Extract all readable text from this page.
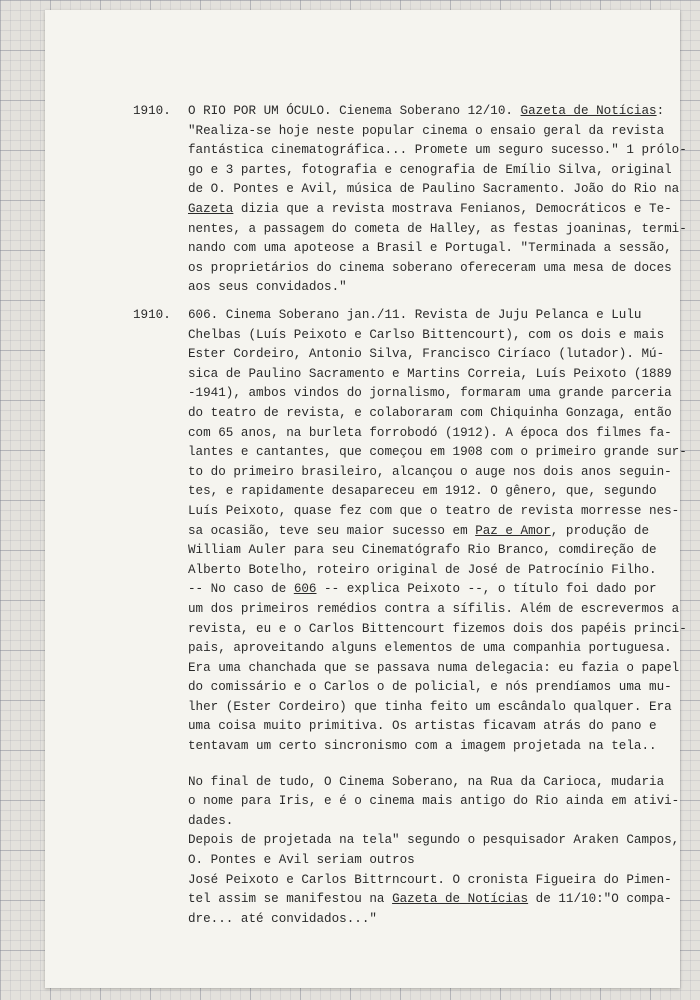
1910. O RIO POR UM ÓCULO. Cienema Soberano 12/10. Gazeta de Notícias:
"Realiza-se hoje neste popular cinema o ensaio geral da revista
fantástica cinematográfica... Promete um seguro sucesso." 1 prólo-
go e 3 partes, fotografia e cenografia de Emílio Silva, original
de O. Pontes e Avil, música de Paulino Sacramento. João do Rio na
Gazeta dizia que a revista mostrava Fenianos, Democráticos e Te-
nentes, a passagem do cometa de Halley, as festas joaninas, termi-
nando com uma apoteose a Brasil e Portugal. "Terminada a sessão,
os proprietários do cinema soberano ofereceram uma mesa de doces
aos seus convidados."
1910. 606. Cinema Soberano jan./11. Revista de Juju Pelanca e Lulu
Chelbas (Luís Peixoto e Carlso Bittencourt), com os dois e mais
Ester Cordeiro, Antonio Silva, Francisco Ciríaco (lutador). Mú-
sica de Paulino Sacramento e Martins Correia, Luís Peixoto (1889
-1941), ambos vindos do jornalismo, formaram uma grande parceria
do teatro de revista, e colaboraram com Chiquinha Gonzaga, então
com 65 anos, na burleta forrobodó (1912). A época dos filmes fa-
lantes e cantantes, que começou em 1908 com o primeiro grande sur-
to do primeiro brasileiro, alcançou o auge nos dois anos seguin-
tes, e rapidamente desapareceu em 1912. O gênero, que, segundo
Luís Peixoto, quase fez com que o teatro de revista morresse nes-
sa ocasião, teve seu maior sucesso em Paz e Amor, produção de
William Auler para seu Cinematógrafo Rio Branco, comdireção de
Alberto Botelho, roteiro original de José de Patrocínio Filho.
-- No caso de 606 -- explica Peixoto --, o título foi dado por
um dos primeiros remédios contra a sífilis. Além de escrevermos a
revista, eu e o Carlos Bittencourt fizemos dois dos papéis princi-
pais, aproveitando alguns elementos de uma companhia portuguesa.
Era uma chanchada que se passava numa delegacia: eu fazia o papel
do comissário e o Carlos o de policial, e nós prendíamos uma mu-
lher (Ester Cordeiro) que tinha feito um escândalo qualquer. Era
uma coisa muito primitiva. Os artistas ficavam atrás do pano e
tentavam um certo sincronismo com a imagem projetada na tela..
No final de tudo, O Cinema Soberano, na Rua da Carioca, mudaria
o nome para Iris, e é o cinema mais antigo do Rio ainda em ativi-
dades.
Depois de projetada na tela" segundo o pesquisador Araken Campos,
O. Pontes e Avil seriam outros
José Peixoto e Carlos Bittrncourt. O cronista Figueira do Pimen-
tel assim se manifestou na Gazeta de Notícias de 11/10:"O compa-
dre... até convidados..."
